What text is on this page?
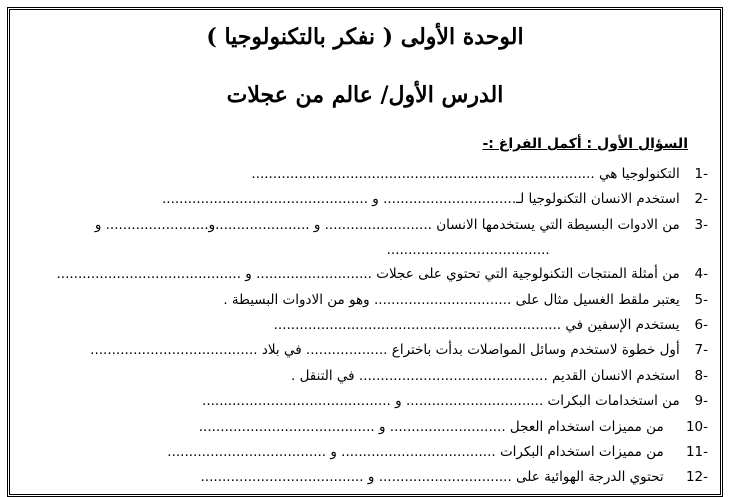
الوحدة الأولى ( نفكر بالتكنولوجيا )
الدرس الأول/ عالم من عجلات
السؤال الأول : أكمل الفراغ :-
-1 التكنولوجيا هي ................................................................................
-2 استخدم الانسان التكنولوجيا لـ............................... و ................................................
-3 من الادوات البسيطة التي يستخدمها الانسان ......................... و ......................و........................ و
......................................
-4 من أمثلة المنتجات التكنولوجية التي تحتوي على عجلات ........................... و ...........................................
-5 يعتبر ملقط الغسيل مثال على ................................ وهو من الادوات البسيطة .
-6 يستخدم الإسفين في ...................................................................
-7 أول خطوة لاستخدم وسائل المواصلات بدأت باختراع ................... في بلاد .......................................
-8 استخدم الانسان القديم ............................................ في التنقل .
-9 من استخدامات البكرات ................................ و ............................................
-10 من مميزات استخدام العجل ........................... و .........................................
-11 من مميزات استخدام البكرات .................................... و .....................................
-12 تحتوي الدرجة الهوائية على ............................... و ......................................
